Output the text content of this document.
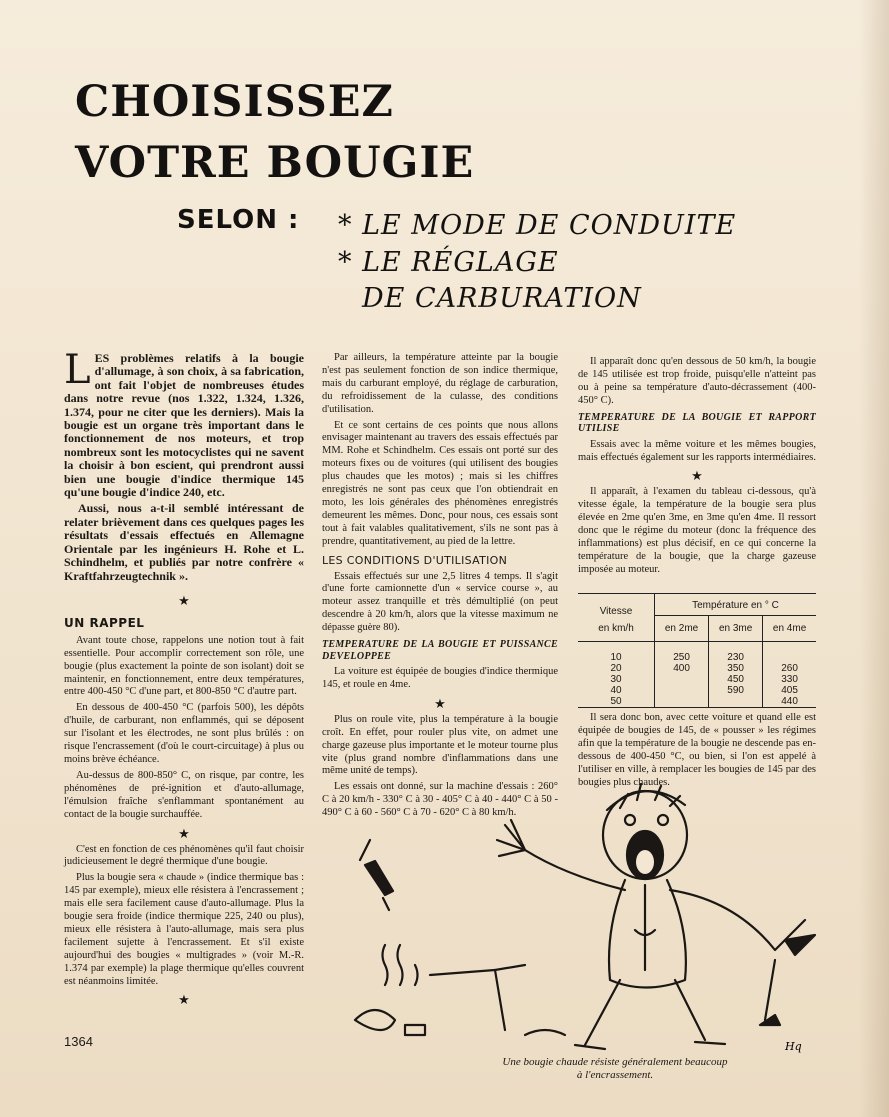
CHOISISSEZ
VOTRE BOUGIE
SELON : * LE MODE DE CONDUITE
* LE RÉGLAGE
DE CARBURATION

LES problèmes relatifs à la bougie d'allumage, à son choix, à sa fabrication, ont fait l'objet de nombreuses études dans notre revue (nos 1.322, 1.324, 1.326, 1.374, pour ne citer que les derniers). Mais la bougie est un organe très important dans le fonctionnement de nos moteurs, et trop nombreux sont les motocyclistes qui ne savent la choisir à bon escient, qui prendront aussi bien une bougie d'indice thermique 145 qu'une bougie d'indice 240, etc.

Aussi, nous a-t-il semblé intéressant de relater brièvement dans ces quelques pages les résultats d'essais effectués en Allemagne Orientale par les ingénieurs H. Rohe et L. Schindhelm, et publiés par notre confrère « Kraftfahrzeugtechnik ».

★
UN RAPPEL

Avant toute chose, rappelons une notion tout à fait essentielle. Pour accomplir correctement son rôle, une bougie (plus exactement la pointe de son isolant) doit se maintenir, en fonctionnement, entre deux températures, entre 400-450 °C d'une part, et 800-850 °C d'autre part.

En dessous de 400-450 °C (parfois 500), les dépôts d'huile, de carburant, non enflammés, qui se déposent sur l'isolant et les électrodes, ne sont plus brûlés : on risque l'encrassement (d'où le court-circuitage) à plus ou moins brève échéance.

Au-dessus de 800-850° C, on risque, par contre, les phénomènes de pré-ignition et d'auto-allumage, l'émulsion fraîche s'enflammant spontanément au contact de la bougie surchauffée.

★

C'est en fonction de ces phénomènes qu'il faut choisir judicieusement le degré thermique d'une bougie.

Plus la bougie sera « chaude » (indice thermique bas : 145 par exemple), mieux elle résistera à l'encrassement ; mais elle sera facilement cause d'auto-allumage. Plus la bougie sera froide (indice thermique 225, 240 ou plus), mieux elle résistera à l'auto-allumage, mais sera plus facilement sujette à l'encrassement. Et s'il existe aujourd'hui des bougies « multigrades » (voir M.-R. 1.374 par exemple) la plage thermique qu'elles couvrent est néanmoins limitée.

★

Par ailleurs, la température atteinte par la bougie n'est pas seulement fonction de son indice thermique, mais du carburant employé, du réglage de carburation, du refroidissement de la culasse, des conditions d'utilisation.

Et ce sont certains de ces points que nous allons envisager maintenant au travers des essais effectués par MM. Rohe et Schindhelm. Ces essais ont porté sur des moteurs fixes ou de voitures (qui utilisent des bougies plus chaudes que les motos) ; mais si les chiffres enregistrés ne sont pas ceux que l'on obtiendrait en moto, les lois générales des phénomènes enregistrés demeurent les mêmes. Donc, pour nous, ces essais sont tout à fait valables qualitativement, s'ils ne sont pas à prendre, quantitativement, au pied de la lettre.

LES CONDITIONS D'UTILISATION

Essais effectués sur une 2,5 litres 4 temps. Il s'agit d'une forte camionnette d'un « service course », au moteur assez tranquille et très démultiplié (on peut descendre à 20 km/h, alors que la vitesse maximum ne dépasse guère 80).

TEMPERATURE DE LA BOUGIE ET PUISSANCE DEVELOPPEE

La voiture est équipée de bougies d'indice thermique 145, et roule en 4me.

★

Plus on roule vite, plus la température à la bougie croît. En effet, pour rouler plus vite, on admet une charge gazeuse plus importante et le moteur tourne plus vite (plus grand nombre d'inflammations dans une même unité de temps).

Les essais ont donné, sur la machine d'essais : 260° C à 20 km/h - 330° C à 30 - 405° C à 40 - 440° C à 50 - 490° C à 60 - 560° C à 70 - 620° C à 80 km/h.

Il apparaît donc qu'en dessous de 50 km/h, la bougie de 145 utilisée est trop froide, puisqu'elle n'atteint pas ou à peine sa température d'auto-décrassement (400-450° C).

TEMPERATURE DE LA BOUGIE ET RAPPORT UTILISE

Essais avec la même voiture et les mêmes bougies, mais effectués également sur les rapports intermédiaires.

★

Il apparaît, à l'examen du tableau ci-dessous, qu'à vitesse égale, la température de la bougie sera plus élevée en 2me qu'en 3me, en 3me qu'en 4me. Il ressort donc que le régime du moteur (donc la fréquence des inflammations) est plus décisif, en ce qui concerne la température de la bougie, que la charge gazeuse imposée au moteur.

Vitesse
en km/h	Température en ° C		
	en 2me	en 3me	en 4me
10	250	230	
20	400	350	260
30		450	330
40		590	405
50			440

Il sera donc bon, avec cette voiture et quand elle est équipée de bougies de 145, de « pousser » les régimes afin que la température de la bougie ne descende pas en-dessous de 400-450 °C, ou bien, si l'on est appelé à l'utiliser en ville, à remplacer les bougies de 145 par des bougies plus chaudes.

Hq
1364
Une bougie chaude résiste généralement beaucoup
à l'encrassement.
